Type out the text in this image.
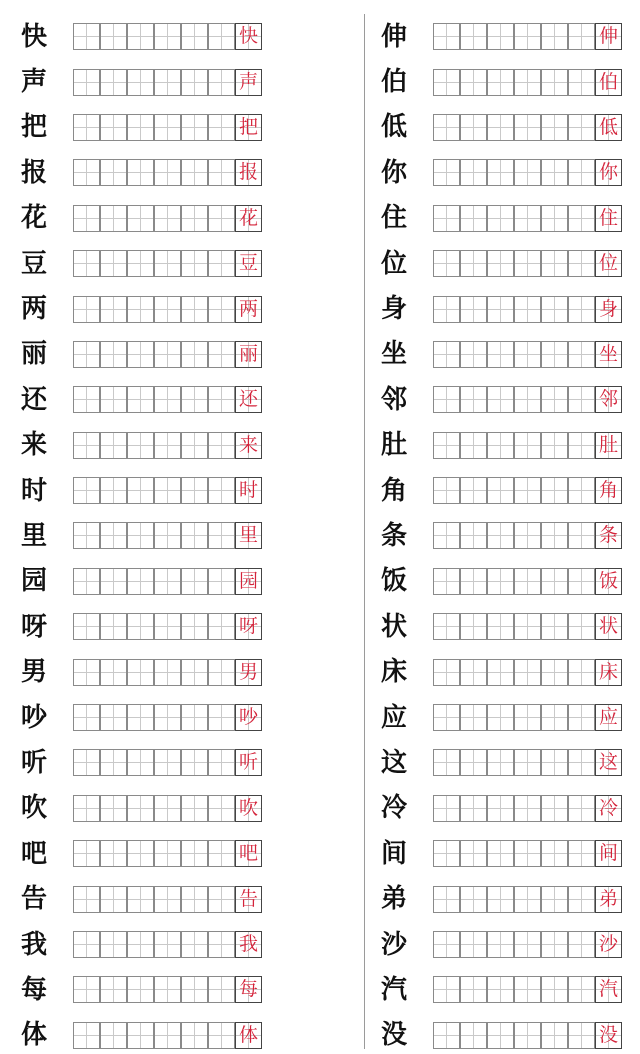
快	快
声	声
把	把
报	报
花	花
豆	豆
两	两
丽	丽
还	还
来	来
时	时
里	里
园	园
呀	呀
男	男
吵	吵
听	听
吹	吹
吧	吧
告	告
我	我
每	每
体	体
伸	伸
伯	伯
低	低
你	你
住	住
位	位
身	身
坐	坐
邻	邻
肚	肚
角	角
条	条
饭	饭
状	状
床	床
应	应
这	这
冷	冷
间	间
弟	弟
沙	沙
汽	汽
没	没
